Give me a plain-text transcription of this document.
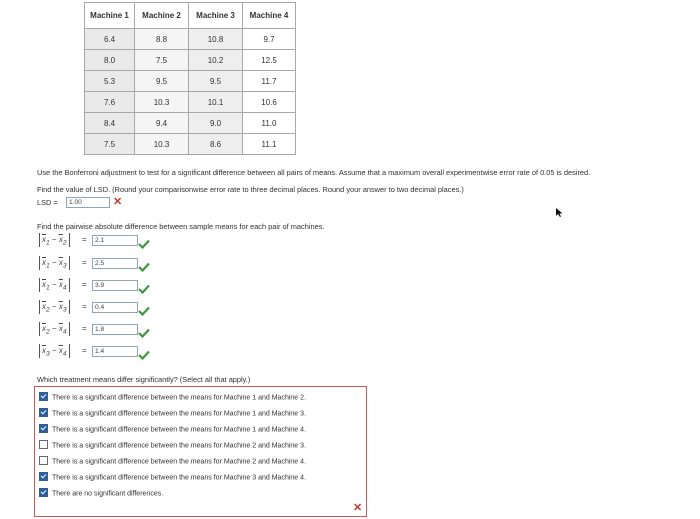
Machine 1	Machine 2	Machine 3	Machine 4
6.4	8.8	10.8	9.7
8.0	7.5	10.2	12.5
5.3	9.5	9.5	11.7
7.6	10.3	10.1	10.6
8.4	9.4	9.0	11.0
7.5	10.3	8.6	11.1
Use the Bonferroni adjustment to test for a significant difference between all pairs of means. Assume that a maximum overall experimentwise error rate of 0.05 is desired.
Find the value of LSD. (Round your comparisonwise error rate to three decimal places. Round your answer to two decimal places.)
LSD =	1.00	✕
Find the pairwise absolute difference between sample means for each pair of machines.
$\overline{x}_1 - \overline{x}_2$	=	2.1
$\overline{x}_1 - \overline{x}_3$	=	2.5
$\overline{x}_1 - \overline{x}_4$	=	3.9
$\overline{x}_2 - \overline{x}_3$	=	0.4
$\overline{x}_2 - \overline{x}_4$	=	1.8
$\overline{x}_3 - \overline{x}_4$	=	1.4
Which treatment means differ significantly? (Select all that apply.)
There is a significant difference between the means for Machine 1 and Machine 2.
There is a significant difference between the means for Machine 1 and Machine 3.
There is a significant difference between the means for Machine 1 and Machine 4.
There is a significant difference between the means for Machine 2 and Machine 3.
There is a significant difference between the means for Machine 2 and Machine 4.
There is a significant difference between the means for Machine 3 and Machine 4.
There are no significant differences.
✕
